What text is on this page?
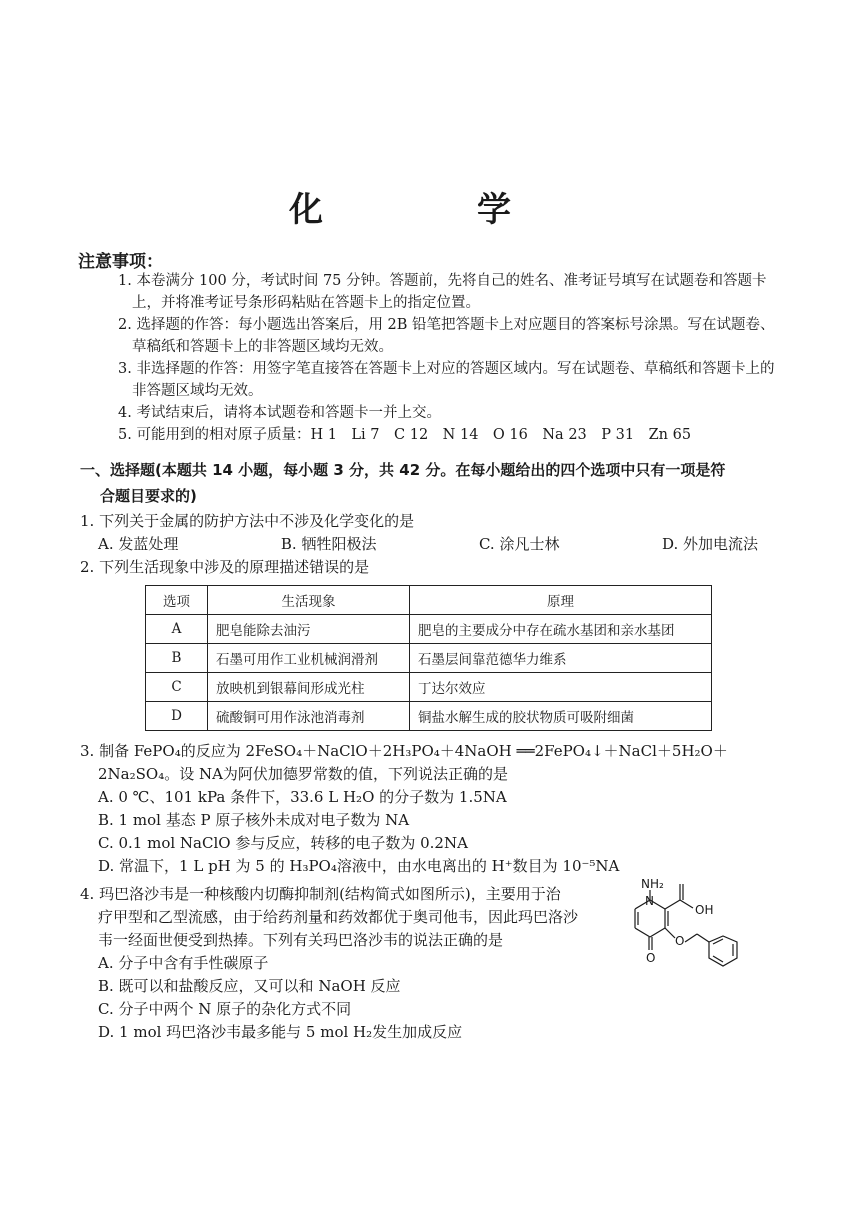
化　学
注意事项：

1. 本卷满分 100 分，考试时间 75 分钟。答题前，先将自己的姓名、准考证号填写在试题卷和答题卡上，并将准考证号条形码粘贴在答题卡上的指定位置。

2. 选择题的作答：每小题选出答案后，用 2B 铅笔把答题卡上对应题目的答案标号涂黑。写在试题卷、草稿纸和答题卡上的非答题区域均无效。

3. 非选择题的作答：用签字笔直接答在答题卡上对应的答题区域内。写在试题卷、草稿纸和答题卡上的非答题区域均无效。

4. 考试结束后，请将本试题卷和答题卡一并上交。

5. 可能用到的相对原子质量：H 1　Li 7　C 12　N 14　O 16　Na 23　P 31　Zn 65

一、选择题(本题共 14 小题，每小题 3 分，共 42 分。在每小题给出的四个选项中只有一项是符
合题目要求的)
1. 下列关于金属的防护方法中不涉及化学变化的是
A. 发蓝处理	B. 牺牲阳极法	C. 涂凡士林	D. 外加电流法
2. 下列生活现象中涉及的原理描述错误的是
选项	生活现象	原理
A	肥皂能除去油污	肥皂的主要成分中存在疏水基团和亲水基团
B	石墨可用作工业机械润滑剂	石墨层间靠范德华力维系
C	放映机到银幕间形成光柱	丁达尔效应
D	硫酸铜可用作泳池消毒剂	铜盐水解生成的胶状物质可吸附细菌
3. 制备 FePO₄的反应为 2FeSO₄＋NaClO＋2H₃PO₄＋4NaOH ══2FePO₄↓＋NaCl＋5H₂O＋
2Na₂SO₄。设 NA为阿伏加德罗常数的值，下列说法正确的是
A. 0 ℃、101 kPa 条件下，33.6 L H₂O 的分子数为 1.5NA
B. 1 mol 基态 P 原子核外未成对电子数为 NA
C. 0.1 mol NaClO 参与反应，转移的电子数为 0.2NA
D. 常温下，1 L pH 为 5 的 H₃PO₄溶液中，由水电离出的 H⁺数目为 10⁻⁵NA
4. 玛巴洛沙韦是一种核酸内切酶抑制剂(结构简式如图所示)，主要用于治
疗甲型和乙型流感，由于给药剂量和药效都优于奥司他韦，因此玛巴洛沙
韦一经面世便受到热捧。下列有关玛巴洛沙韦的说法正确的是
A. 分子中含有手性碳原子
B. 既可以和盐酸反应，又可以和 NaOH 反应
C. 分子中两个 N 原子的杂化方式不同
D. 1 mol 玛巴洛沙韦最多能与 5 mol H₂发生加成反应
NH₂
N
OH
O
O
